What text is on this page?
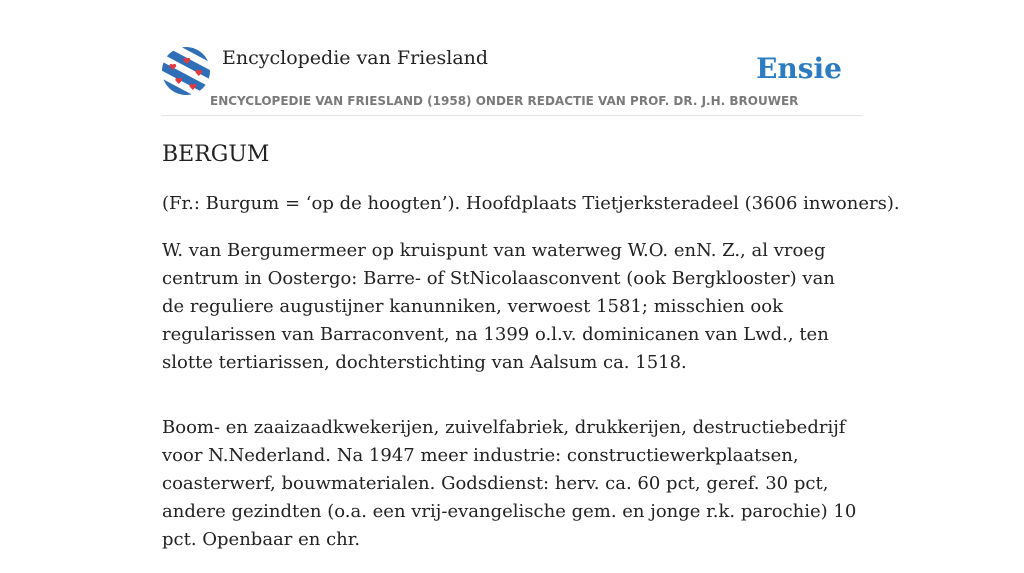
Encyclopedie van Friesland	Ensie
ENCYCLOPEDIE VAN FRIESLAND (1958) ONDER REDACTIE VAN PROF. DR. J.H. BROUWER
BERGUM

(Fr.: Burgum = ‘op de hoogten’). Hoofdplaats Tietjerksteradeel (3606 inwoners).

W. van Bergumermeer op kruispunt van waterweg W.O. enN. Z., al vroeg centrum in Oostergo: Barre- of StNicolaasconvent (ook Bergklooster) van de reguliere augustijner kanunniken, verwoest 1581; misschien ook regularissen van Barraconvent, na 1399 o.l.v. dominicanen van Lwd., ten slotte tertiarissen, dochterstichting van Aalsum ca. 1518.

Boom- en zaaizaadkwekerijen, zuivelfabriek, drukkerijen, destructiebedrijf voor N.Nederland. Na 1947 meer industrie: constructiewerkplaatsen, coasterwerf, bouwmaterialen. Godsdienst: herv. ca. 60 pct, geref. 30 pct, andere gezindten (o.a. een vrij-evangelische gem. en jonge r.k. parochie) 10 pct. Openbaar en chr.
